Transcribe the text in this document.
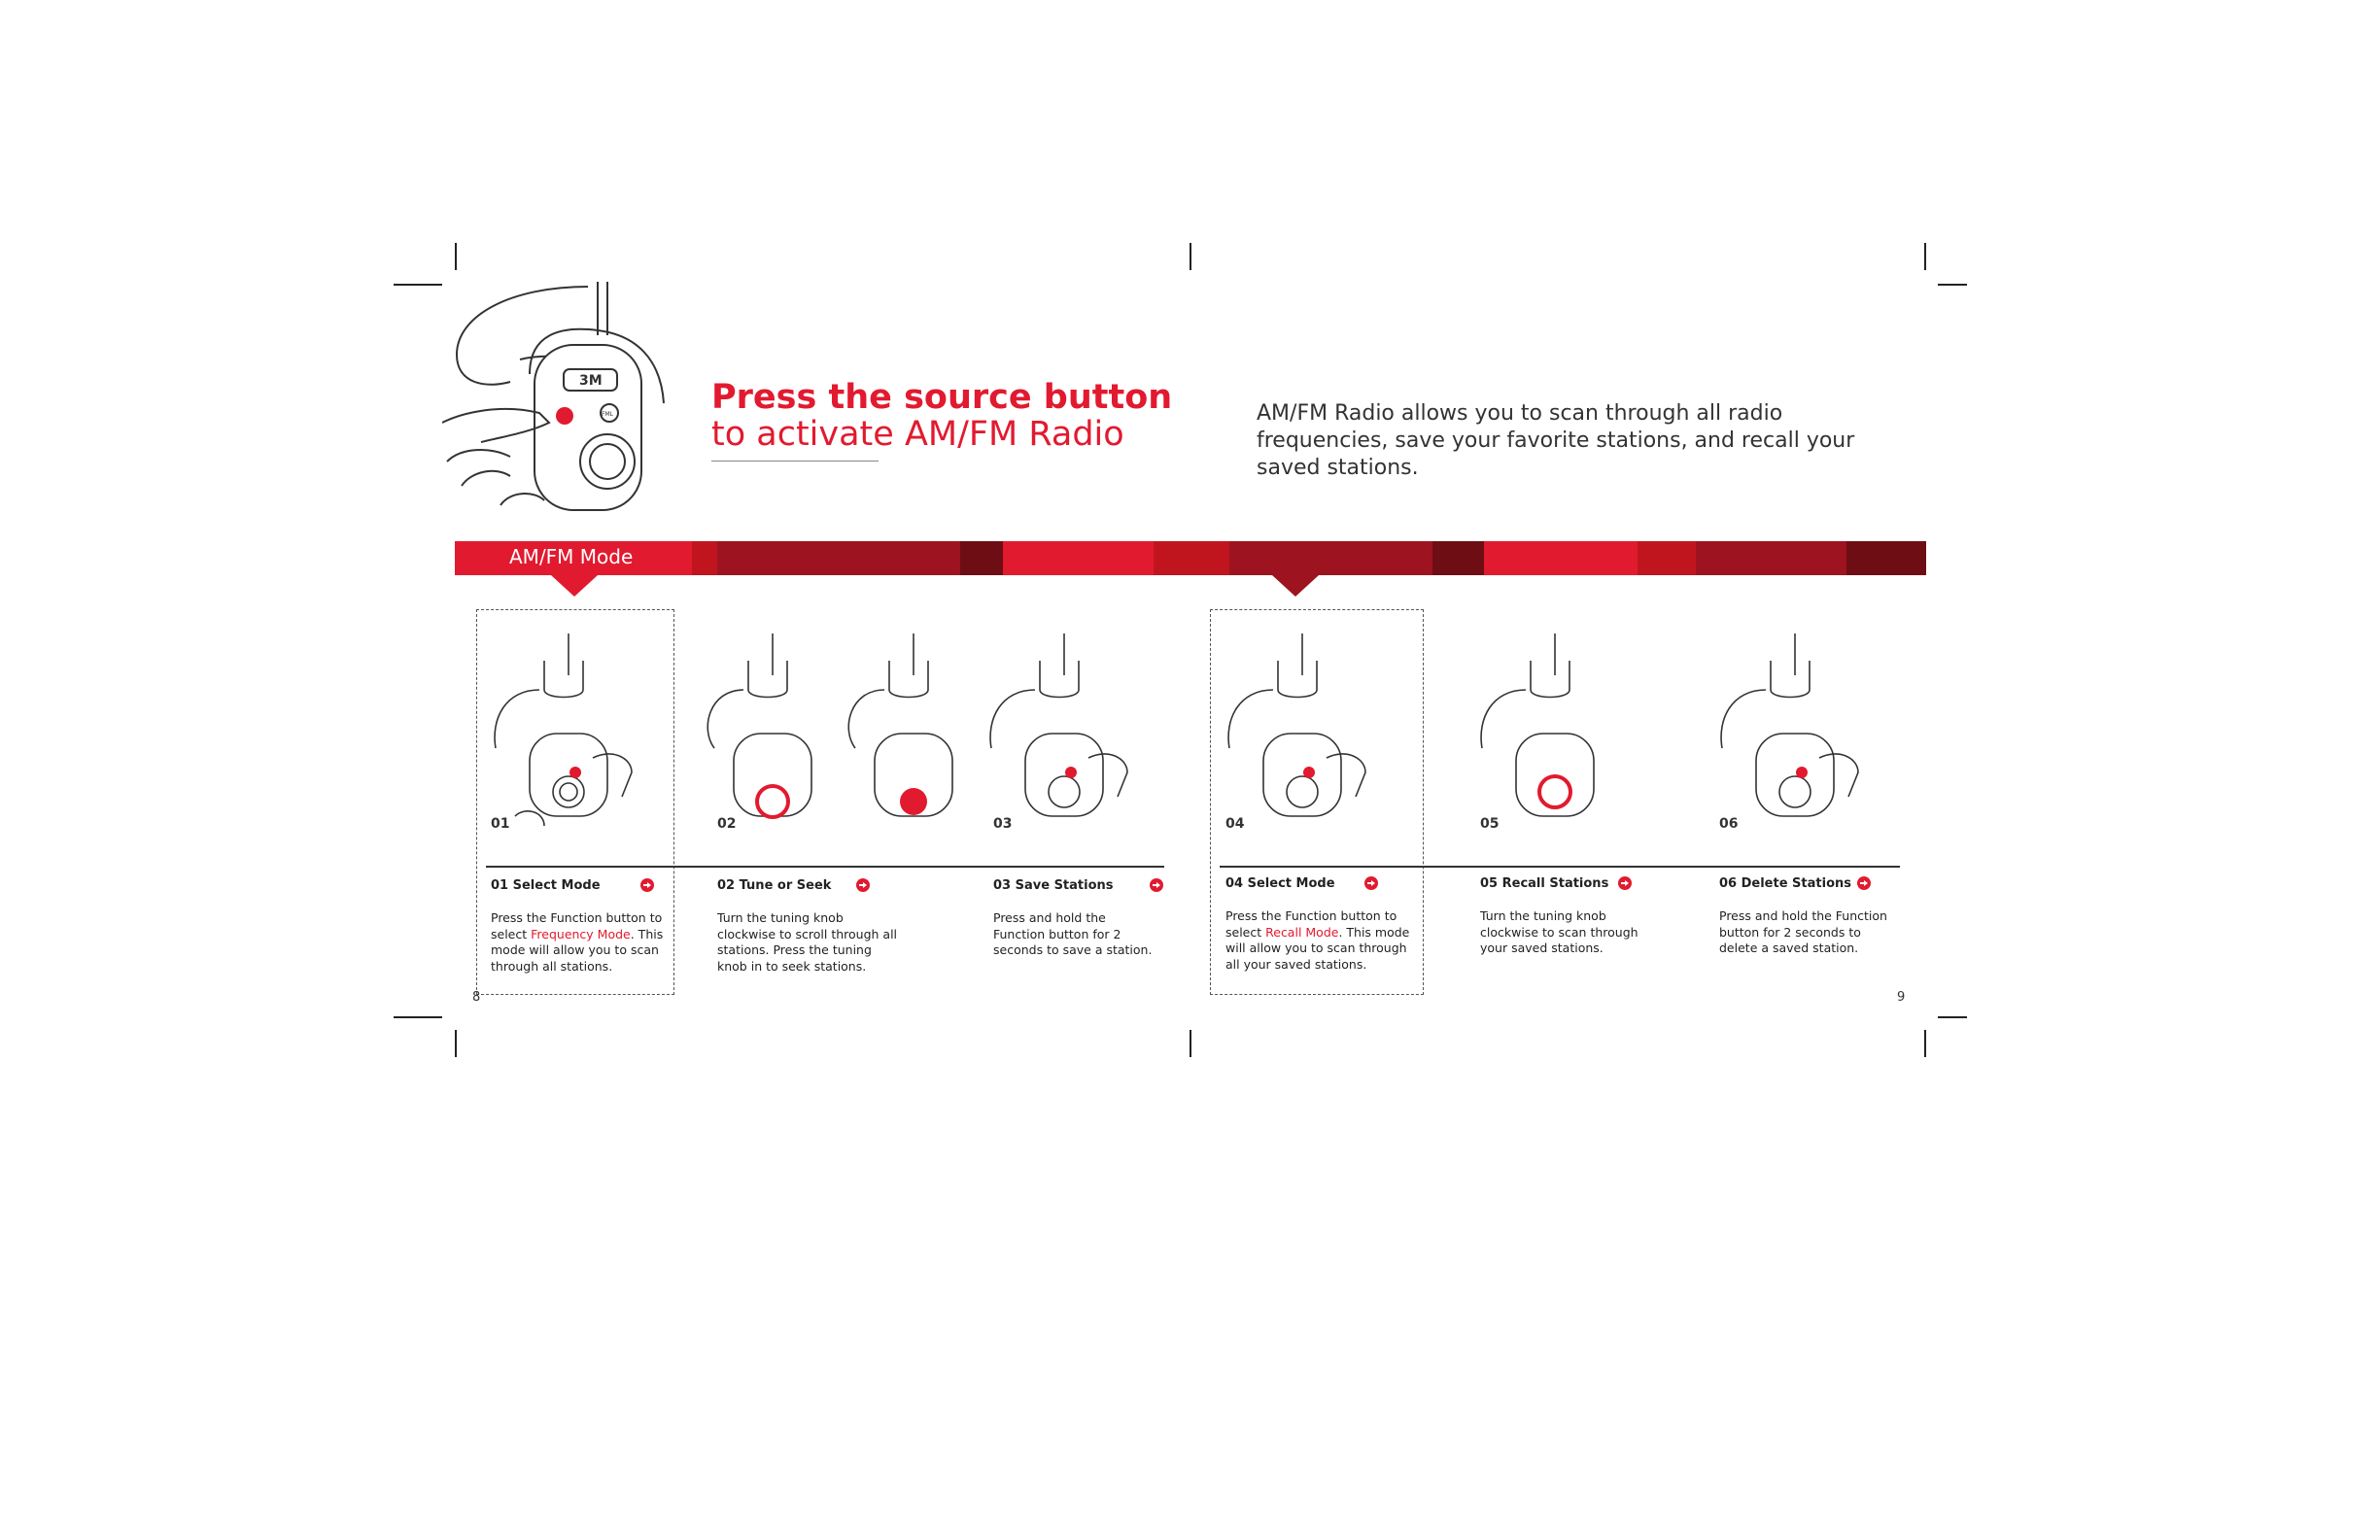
3M
FML	Press the source button
to activate AM/FM Radio
AM/FM Radio allows you to scan through all radio frequencies, save your favorite stations, and recall your saved stations.
AM/FM Mode
01	02	03	04	05	06
01 Select Mode	02 Tune or Seek	03 Save Stations	04 Select Mode	05 Recall Stations	06 Delete Stations
Press the Function button to select Frequency Mode. This mode will allow you to scan through all stations.
Turn the tuning knob clockwise to scroll through all stations. Press the tuning knob in to seek stations.
Press and hold the Function button for 2 seconds to save a station.
Press the Function button to select Recall Mode. This mode will allow you to scan through all your saved stations.
Turn the tuning knob clockwise to scan through your saved stations.
Press and hold the Function button for 2 seconds to delete a saved station.
8	9
